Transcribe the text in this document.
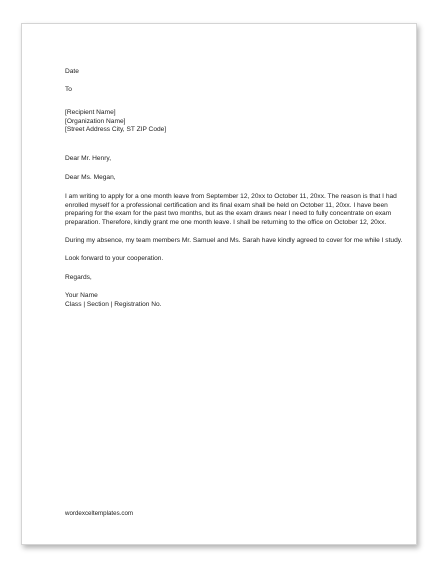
Date
To
[Recipient Name]
[Organization Name]
[Street Address City, ST ZIP Code]
Dear Mr. Henry,
Dear Ms. Megan,
I am writing to apply for a one month leave from September 12, 20xx to October 11, 20xx. The reason is that I had enrolled myself for a professional certification and its final exam shall be held on October 11, 20xx. I have been preparing for the exam for the past two months, but as the exam draws near I need to fully concentrate on exam preparation. Therefore, kindly grant me one month leave. I shall be returning to the office on October 12, 20xx.
During my absence, my team members Mr. Samuel and Ms. Sarah have kindly agreed to cover for me while I study.
Look forward to your cooperation.
Regards,
Your Name
Class | Section | Registration No.
wordexceltemplates.com
